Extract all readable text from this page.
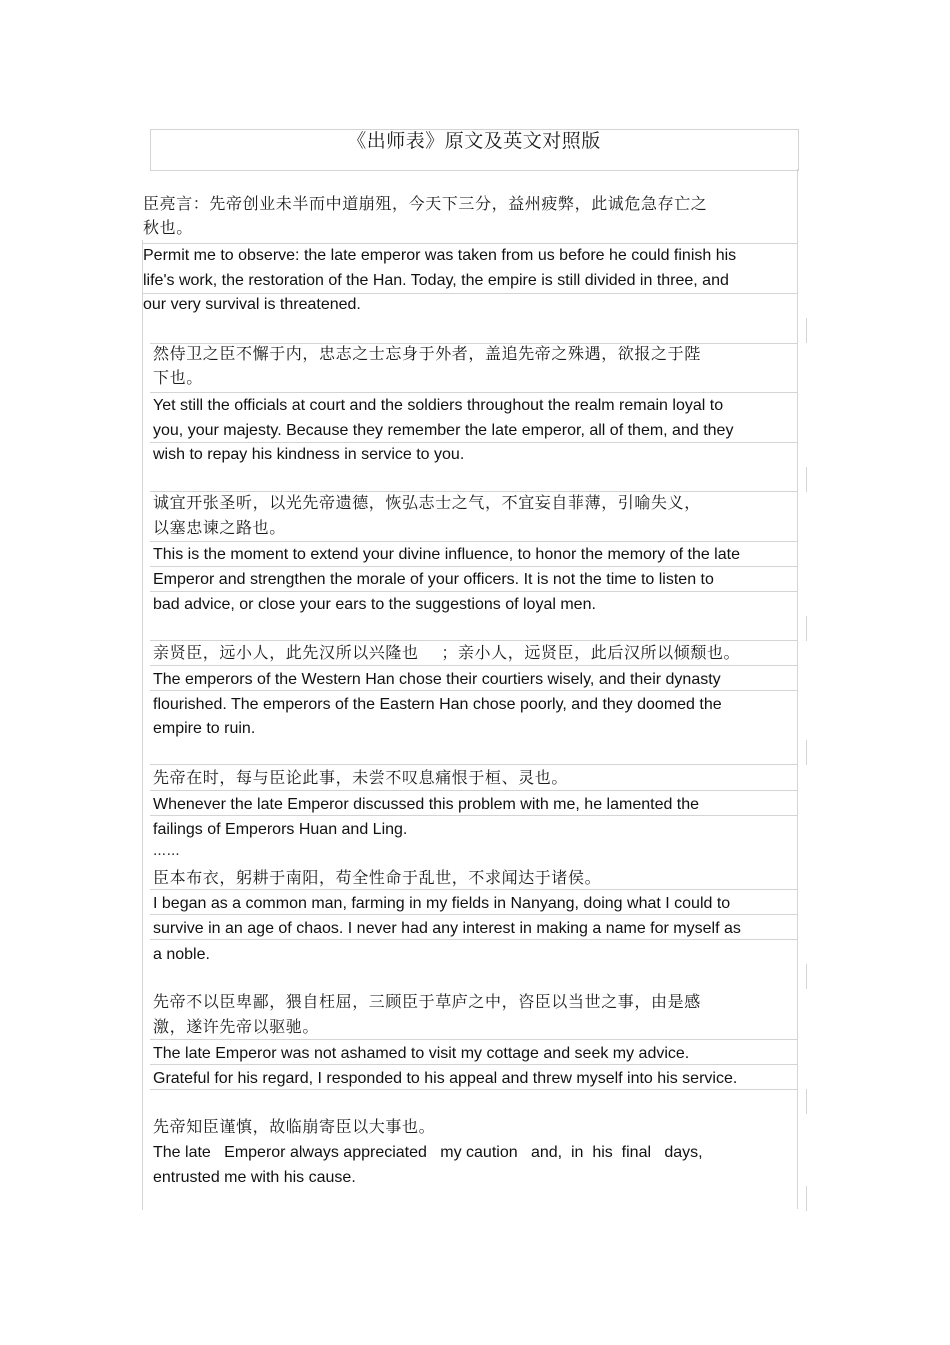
《出师表》原文及英文对照版
臣亮言：先帝创业未半而中道崩殂，今天下三分，益州疲弊，此诚危急存亡之
秋也。
Permit me to observe: the late emperor was taken from us before he could finish his
life's work, the restoration of the Han. Today, the empire is still divided in three, and
our very survival is threatened.
然侍卫之臣不懈于内，忠志之士忘身于外者，盖追先帝之殊遇，欲报之于陛
下也。
Yet still the officials at court and the soldiers throughout the realm remain loyal to
you, your majesty. Because they remember the late emperor, all of them, and they
wish to repay his kindness in service to you.
诚宜开张圣听，以光先帝遗德，恢弘志士之气，不宜妄自菲薄，引喻失义，
以塞忠谏之路也。
This is the moment to extend your divine influence, to honor the memory of the late
Emperor and strengthen the morale of your officers. It is not the time to listen to
bad advice, or close your ears to the suggestions of loyal men.
亲贤臣，远小人，此先汉所以兴隆也    ；亲小人，远贤臣，此后汉所以倾颓也。
The emperors of the Western Han chose their courtiers wisely, and their dynasty
flourished. The emperors of the Eastern Han chose poorly, and they doomed the
empire to ruin.
先帝在时，每与臣论此事，未尝不叹息痛恨于桓、灵也。
Whenever the late Emperor discussed this problem with me, he lamented the
failings of Emperors Huan and Ling.
……
臣本布衣，躬耕于南阳，苟全性命于乱世，不求闻达于诸侯。
I began as a common man, farming in my fields in Nanyang, doing what I could to
survive in an age of chaos. I never had any interest in making a name for myself as
a noble.
先帝不以臣卑鄙，猥自枉屈，三顾臣于草庐之中，咨臣以当世之事，由是感
激，遂许先帝以驱驰。
The late Emperor was not ashamed to visit my cottage and seek my advice.
Grateful for his regard, I responded to his appeal and threw myself into his service.
先帝知臣谨慎，故临崩寄臣以大事也。
The late   Emperor always appreciated   my caution   and,  in  his  final   days,
entrusted me with his cause.
